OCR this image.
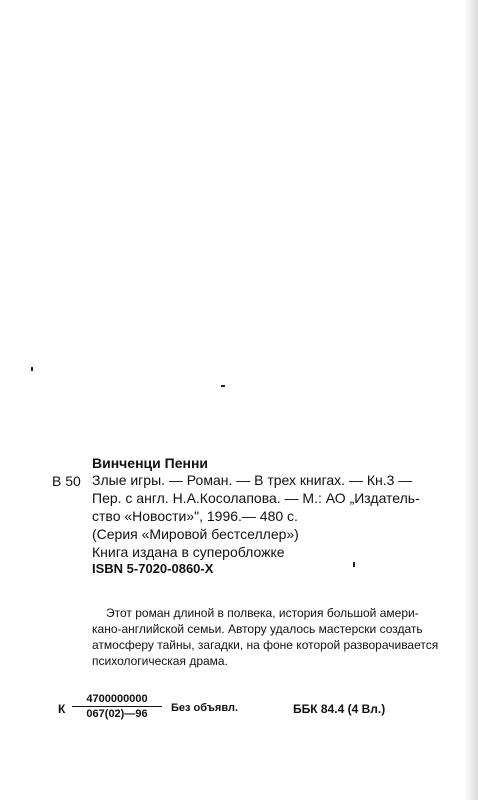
Винченци Пенни
В 50 Злые игры. — Роман. — В трех книгах. — Кн.3 —
Пер. с англ. Н.А.Косолапова. — М.: АО „Издатель-
ство «Новости»", 1996.— 480 с.
(Серия «Мировой бестселлер»)
Книга издана в суперобложке
ISBN 5-7020-0860-X
Этот роман длиной в полвека, история большой амери-
кано-английской семьи. Автору удалось мастерски создать
атмосферу тайны, загадки, на фоне которой разворачивается
психологическая драма.
К $\frac{4700000000}{067(02)—96}$ Без объявл.	ББК 84.4 (4 Вл.)
